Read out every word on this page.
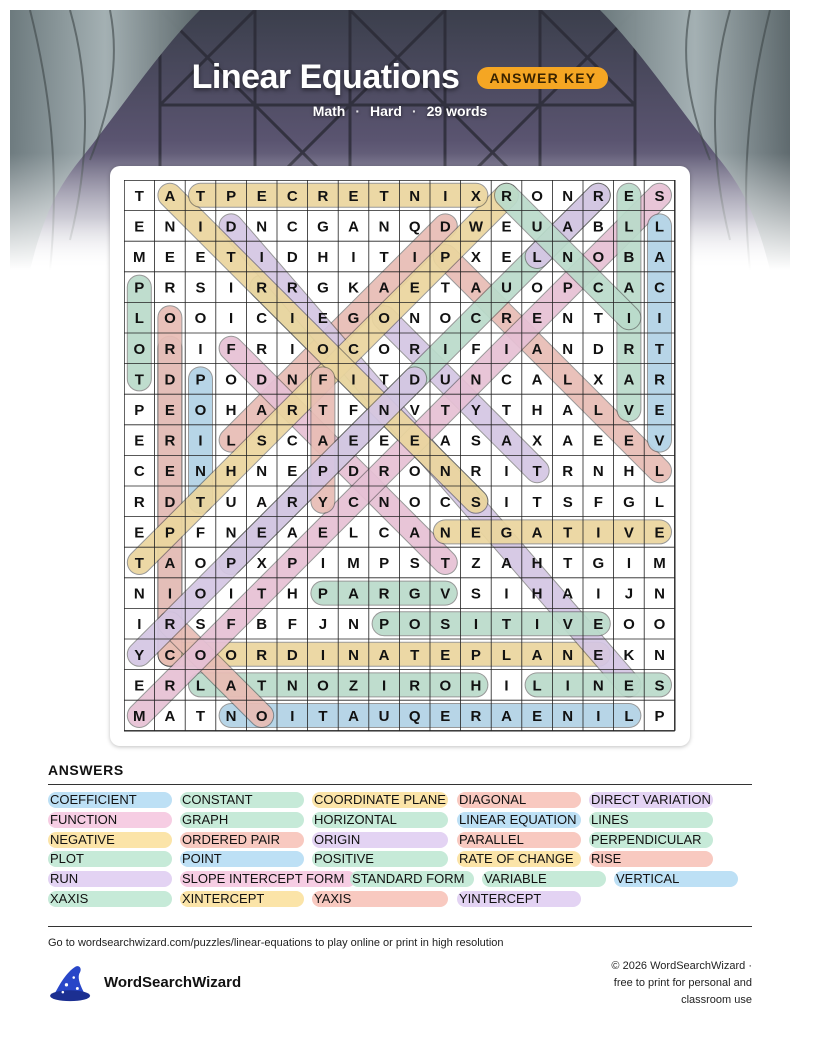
Linear Equations ANSWER KEY
Math · Hard · 29 words
T A T P E C R E T N I X R O N R E S
E N I D N C G A N Q D W E U A B L L
M E E T I D H I T I P X E L N O B A
P R S I R R G K A E T A U O P C A C
L O O I C I E G O N O C R E N T I I
O R I F R I O C O R I F I A N D R T
T D P O D N F I T D U N C A L X A R
P E O H A R T F N V T Y T H A L V E
E R I L S C A E E E A S A X A E E V
C E N H N E P D R O N R I T R N H L
R D T U A R Y C N O C S I T S F G L
E P F N E A E L C A N E G A T I V E
T A O P X P I M P S T Z A H T G I M
N I O I T H P A R G V S I H A I J N
I R S F B F J N P O S I T I V E O O
Y C O O R D I N A T E P L A N E K N
E R L A T N O Z I R O H I L I N E S
M A T N O I T A U Q E R A E N I L P
ANSWERS
COEFFICIENT	CONSTANT	COORDINATE PLANE DIAGONAL	DIRECT VARIATION
FUNCTION	GRAPH	HORIZONTAL	LINEAR EQUATION	LINES
NEGATIVE	ORDERED PAIR	ORIGIN	PARALLEL	PERPENDICULAR
PLOT	POINT	POSITIVE	RATE OF CHANGE	RISE
RUN	SLOPE INTERCEPT FORM STANDARD FORM	VARIABLE	VERTICAL
XAXIS	XINTERCEPT	YAXIS	YINTERCEPT
Go to wordsearchwizard.com/puzzles/linear-equations to play online or print in high resolution
WordSearchWizard
© 2026 WordSearchWizard ·
free to print for personal and
classroom use
